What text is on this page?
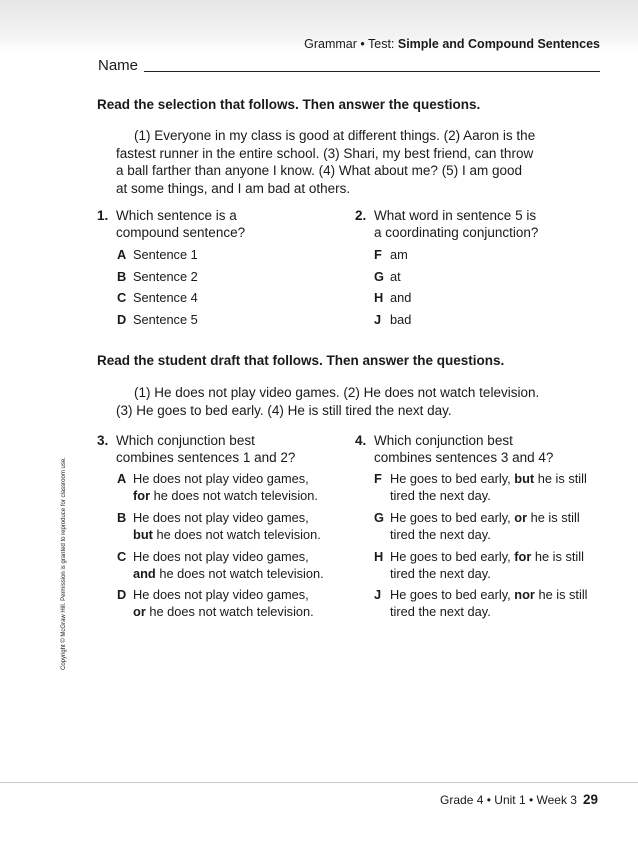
Grammar • Test: Simple and Compound Sentences
Name
Read the selection that follows. Then answer the questions.

(1) Everyone in my class is good at different things. (2) Aaron is the

fastest runner in the entire school. (3) Shari, my best friend, can throw

a ball farther than anyone I know. (4) What about me? (5) I am good

at some things, and I am bad at others.

1. Which sentence is a
compound sentence?
A Sentence 1
B Sentence 2
C Sentence 4
D Sentence 5
2. What word in sentence 5 is
a coordinating conjunction?
F am
G at
H and
J bad
Read the student draft that follows. Then answer the questions.

(1) He does not play video games. (2) He does not watch television.

(3) He goes to bed early. (4) He is still tired the next day.

3. Which conjunction best
combines sentences 1 and 2?
A He does not play video games,
for he does not watch television.
B He does not play video games,
but he does not watch television.
C He does not play video games,
and he does not watch television.
D He does not play video games,
or he does not watch television.
4. Which conjunction best
combines sentences 3 and 4?
F He goes to bed early, but he is still
tired the next day.
G He goes to bed early, or he is still
tired the next day.
H He goes to bed early, for he is still
tired the next day.
J He goes to bed early, nor he is still
tired the next day.
Copyright © McGraw Hill. Permission is granted to reproduce for classroom use.
Grade 4 • Unit 1 • Week 3 29
